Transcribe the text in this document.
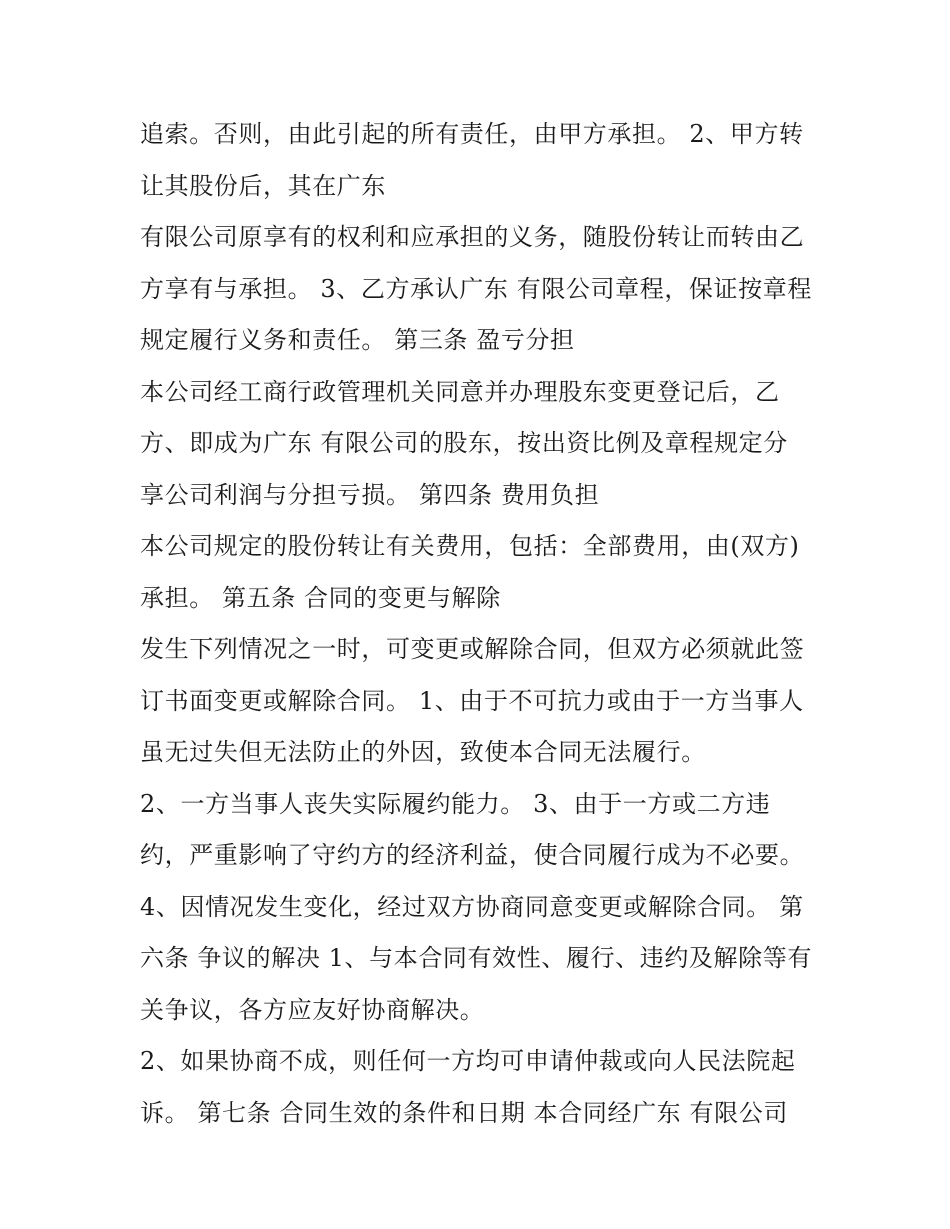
追索。否则，由此引起的所有责任，由甲方承担。 2、甲方转
让其股份后，其在广东
有限公司原享有的权利和应承担的义务，随股份转让而转由乙
方享有与承担。 3、乙方承认广东 有限公司章程，保证按章程
规定履行义务和责任。 第三条 盈亏分担
本公司经工商行政管理机关同意并办理股东变更登记后，乙
方、即成为广东 有限公司的股东，按出资比例及章程规定分
享公司利润与分担亏损。 第四条 费用负担
本公司规定的股份转让有关费用，包括：全部费用，由(双方)
承担。 第五条 合同的变更与解除
发生下列情况之一时，可变更或解除合同，但双方必须就此签
订书面变更或解除合同。 1、由于不可抗力或由于一方当事人
虽无过失但无法防止的外因，致使本合同无法履行。
2、一方当事人丧失实际履约能力。 3、由于一方或二方违
约，严重影响了守约方的经济利益，使合同履行成为不必要。
4、因情况发生变化，经过双方协商同意变更或解除合同。 第
六条 争议的解决 1、与本合同有效性、履行、违约及解除等有
关争议，各方应友好协商解决。
2、如果协商不成，则任何一方均可申请仲裁或向人民法院起
诉。 第七条 合同生效的条件和日期 本合同经广东 有限公司
